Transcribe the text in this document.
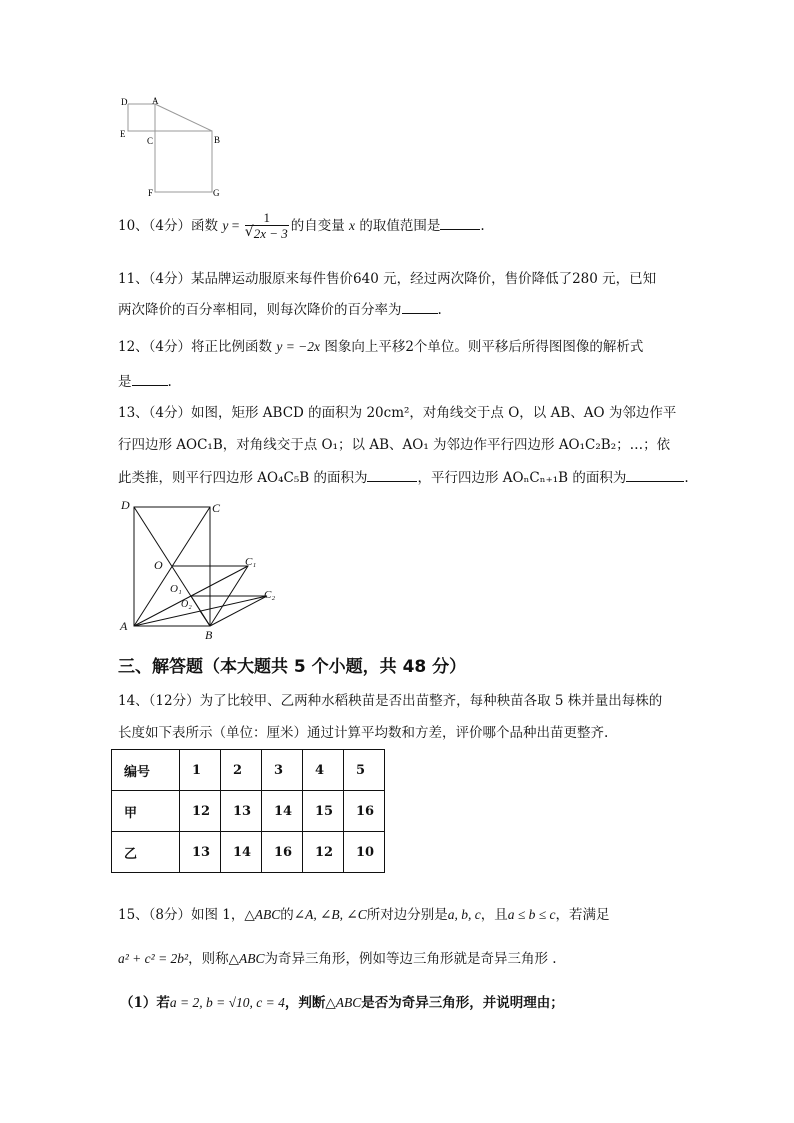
D	A
E
C	B
F	G
10、（4分）函数 $y = \frac{1}{√ 2x - 3}$ 的自变量 x 的取值范围是	.
11、（4分）某品牌运动服原来每件售价640 元，经过两次降价，售价降低了280 元，已知
两次降价的百分率相同，则每次降价的百分率为	.
12、（4分）将正比例函数 y = −2x 图象向上平移2个单位。则平移后所得图图像的解析式
是	.
13、（4分）如图，矩形 ABCD 的面积为 20cm²，对角线交于点 O，以 AB、AO 为邻边作平
行四边形 AOC₁B，对角线交于点 O₁；以 AB、AO₁ 为邻边作平行四边形 AO₁C₂B₂；…；依
此类推，则平行四边形 AO₄C₅B 的面积为	，平行四边形 AOₙCₙ₊₁B 的面积为	.
D	C
O	C₁
O₁
O₂
C₂
A
B
三、解答题（本大题共 5 个小题，共 48 分）
14、（12分）为了比较甲、乙两种水稻秧苗是否出苗整齐，每种秧苗各取 5 株并量出每株的
长度如下表所示（单位：厘米）通过计算平均数和方差，评价哪个品种出苗更整齐.
编号	1	2	3	4	5
甲	12	13	14	15	16
乙	13	14	16	12	10
15、（8分）如图 1，△ABC的∠A, ∠B, ∠C所对边分别是a, b, c，且a ≤ b ≤ c，若满足
a² + c² = 2b²，则称△ABC为奇异三角形，例如等边三角形就是奇异三角形 .
（1）若a = 2, b = √10, c = 4，判断△ABC是否为奇异三角形，并说明理由；
